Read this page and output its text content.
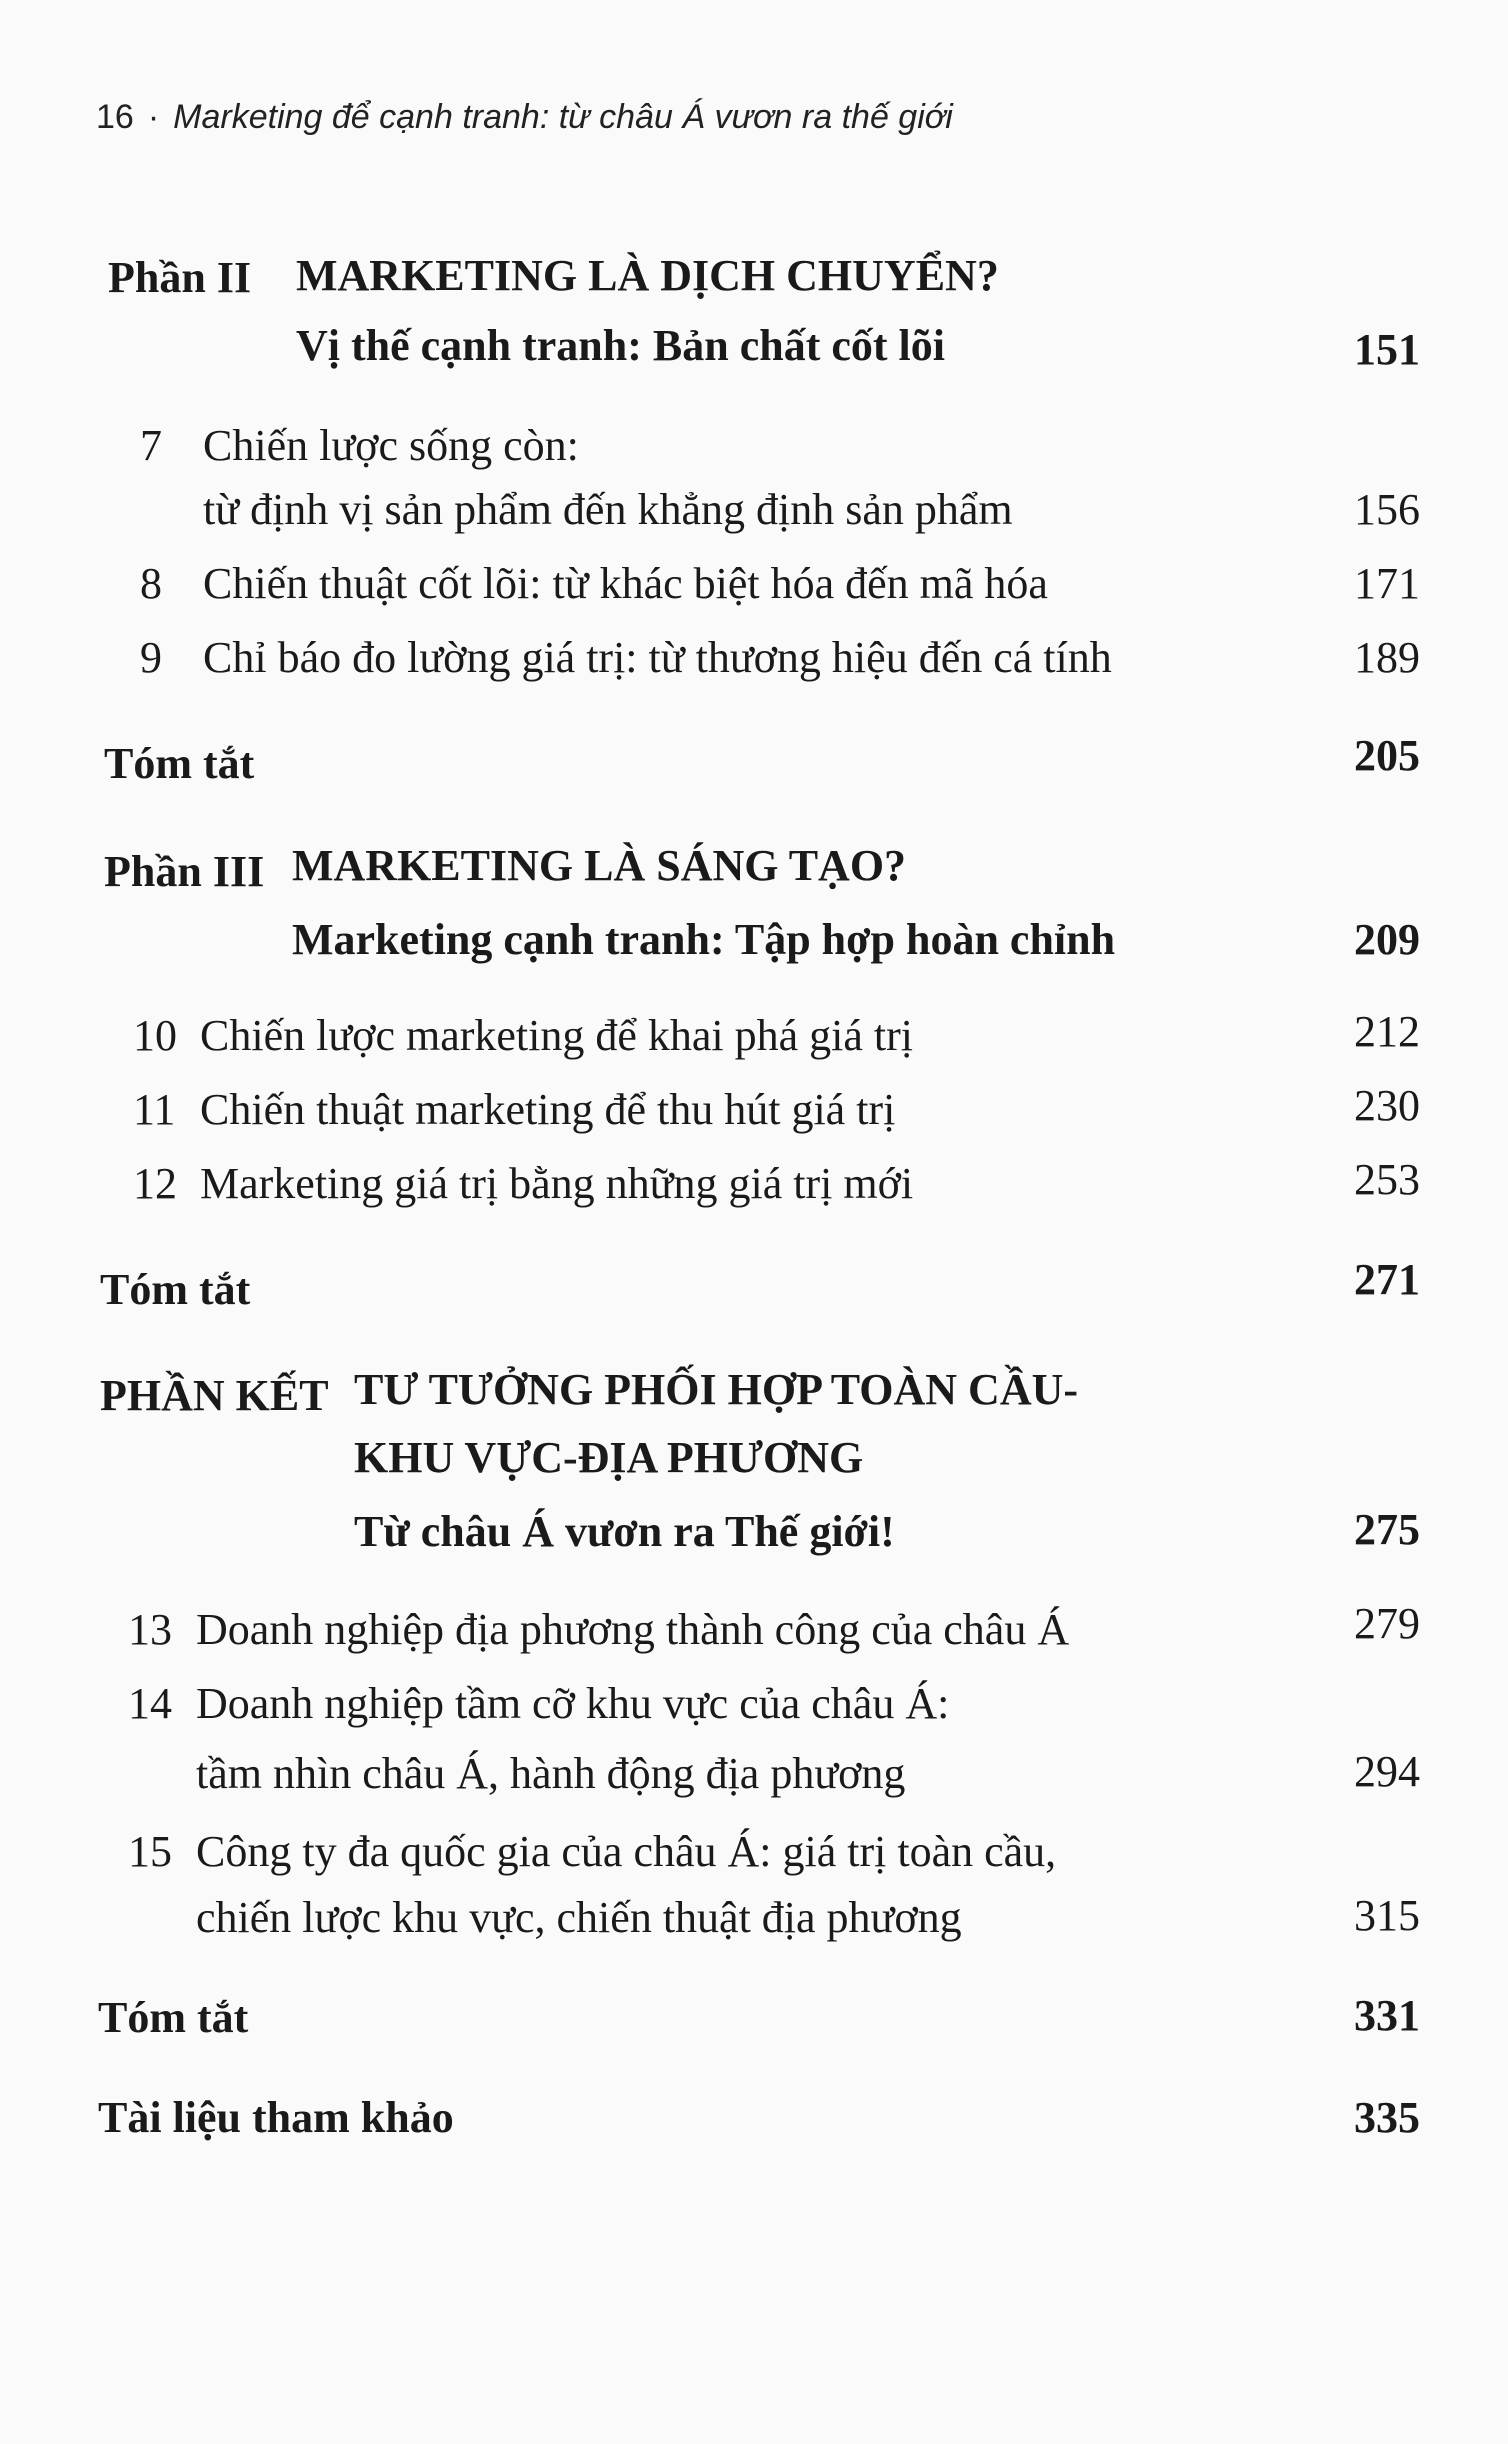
16 · Marketing để cạnh tranh: từ châu Á vươn ra thế giới
Phần II MARKETING LÀ DỊCH CHUYỂN?
Vị thế cạnh tranh: Bản chất cốt lõi	151
7 Chiến lược sống còn:
từ định vị sản phẩm đến khẳng định sản phẩm	156
8 Chiến thuật cốt lõi: từ khác biệt hóa đến mã hóa	171
9 Chỉ báo đo lường giá trị: từ thương hiệu đến cá tính	189
Tóm tắt	205
Phần III MARKETING LÀ SÁNG TẠO?
Marketing cạnh tranh: Tập hợp hoàn chỉnh	209
10 Chiến lược marketing để khai phá giá trị	212
11 Chiến thuật marketing để thu hút giá trị	230
12 Marketing giá trị bằng những giá trị mới	253
Tóm tắt	271
PHẦN KẾT TƯ TƯỞNG PHỐI HỢP TOÀN CẦU-
KHU VỰC-ĐỊA PHƯƠNG
Từ châu Á vươn ra Thế giới!	275
13 Doanh nghiệp địa phương thành công của châu Á	279
14 Doanh nghiệp tầm cỡ khu vực của châu Á:
tầm nhìn châu Á, hành động địa phương	294
15 Công ty đa quốc gia của châu Á: giá trị toàn cầu,
chiến lược khu vực, chiến thuật địa phương	315
Tóm tắt	331
Tài liệu tham khảo	335
